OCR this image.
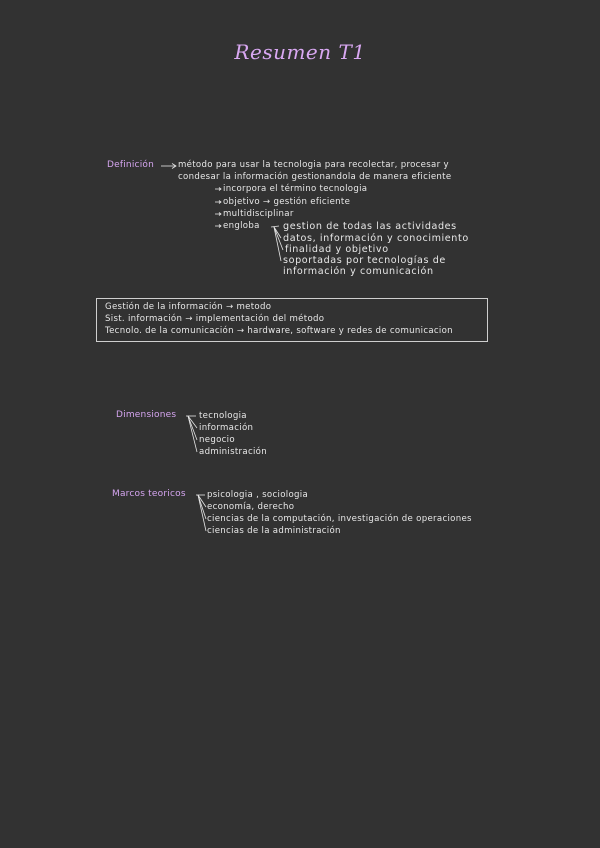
Resumen T1
Definición	método para usar la tecnologia para recolectar, procesar y
condesar la información gestionandola de manera eficiente
incorpora el término tecnologia
objetivo → gestión eficiente
multidisciplinar
engloba gestion de todas las actividades
datos, información y conocimiento
finalidad y objetivo
soportadas por tecnologías de
información y comunicación
Gestión de la información → metodo
Sist. información → implementación del método
Tecnolo. de la comunicación → hardware, software y redes de comunicacion
Dimensiones	tecnologia
información
negocio
administración
Marcos teoricos psicologia , sociologia
economía, derecho
ciencias de la computación, investigación de operaciones
ciencias de la administración
